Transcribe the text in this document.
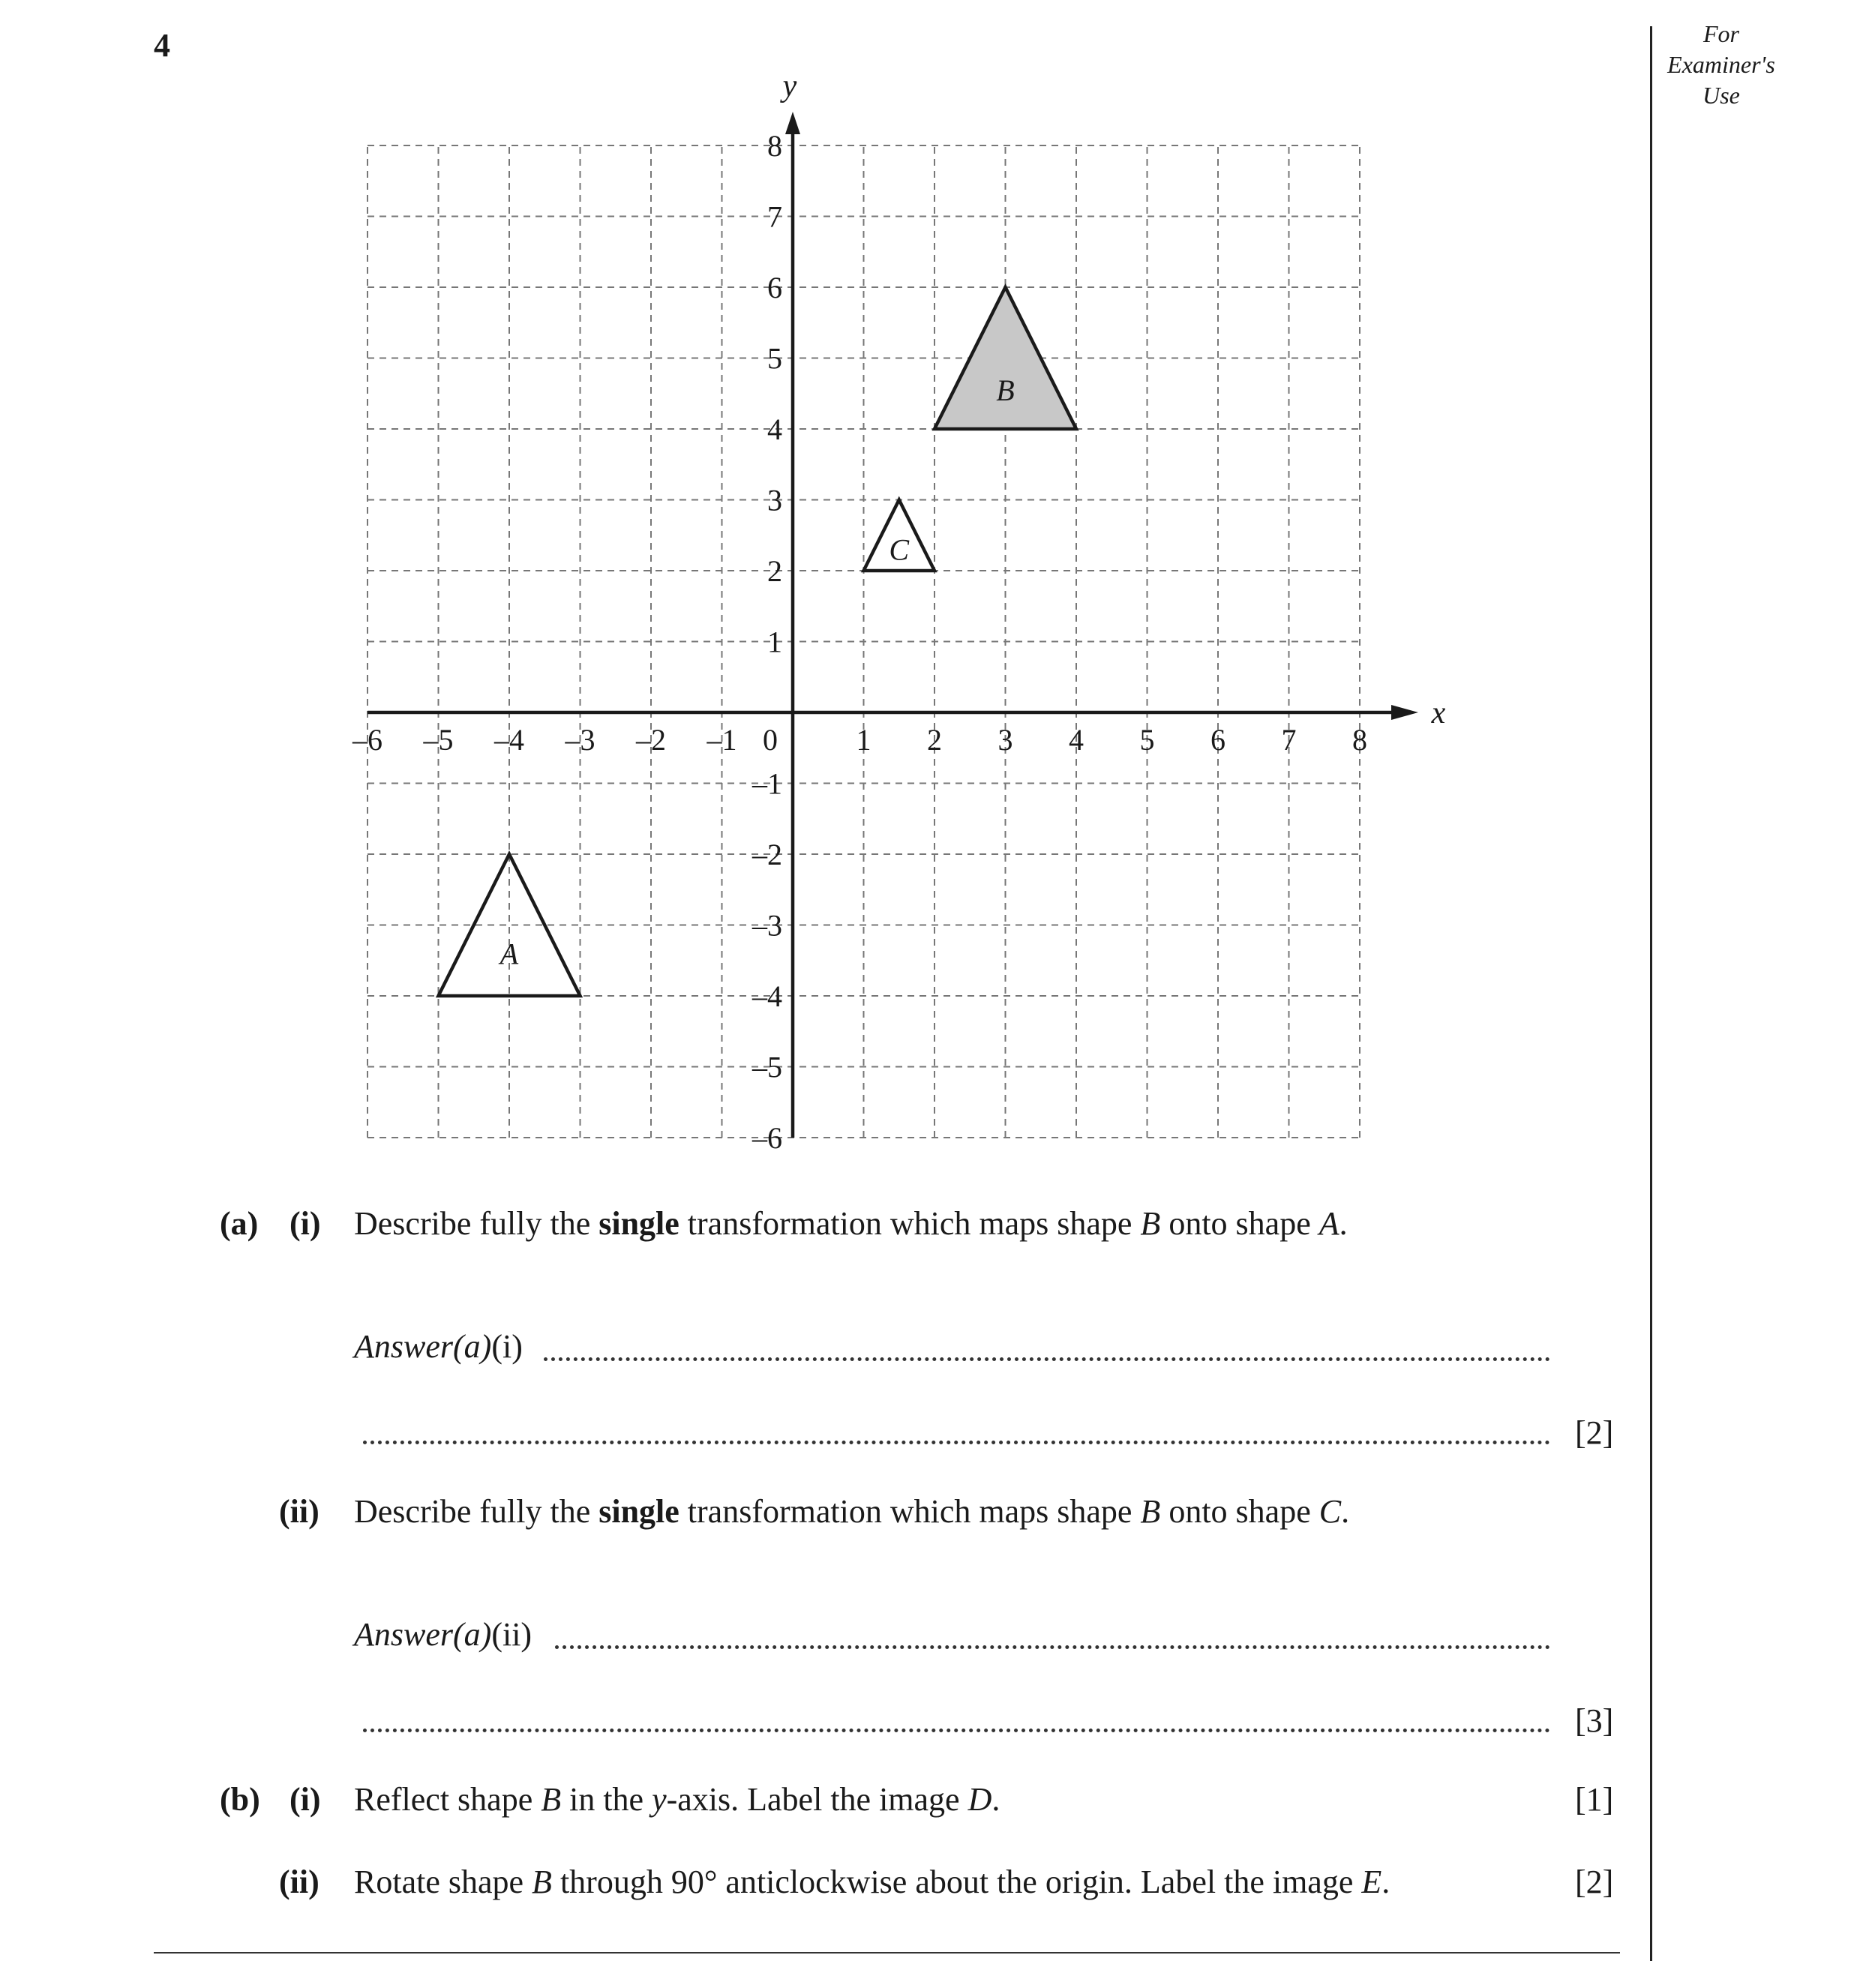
4	For
Examiner's
Use
x
y
–6 –5 –4 –3 –2 –1 0	1 2 3 4 5 6 7 8
–6
–5
–4
–3
–2
–1
1
2
3
4
5
6
7
8
A
B
C
(a) (i) Describe fully the single transformation which maps shape B onto shape A.
Answer(a)(i)
[2]
(ii) Describe fully the single transformation which maps shape B onto shape C.
Answer(a)(ii)
[3]
(b) (i) Reflect shape B in the y-axis. Label the image D.	[1]
(ii) Rotate shape B through 90° anticlockwise about the origin. Label the image E.	[2]
